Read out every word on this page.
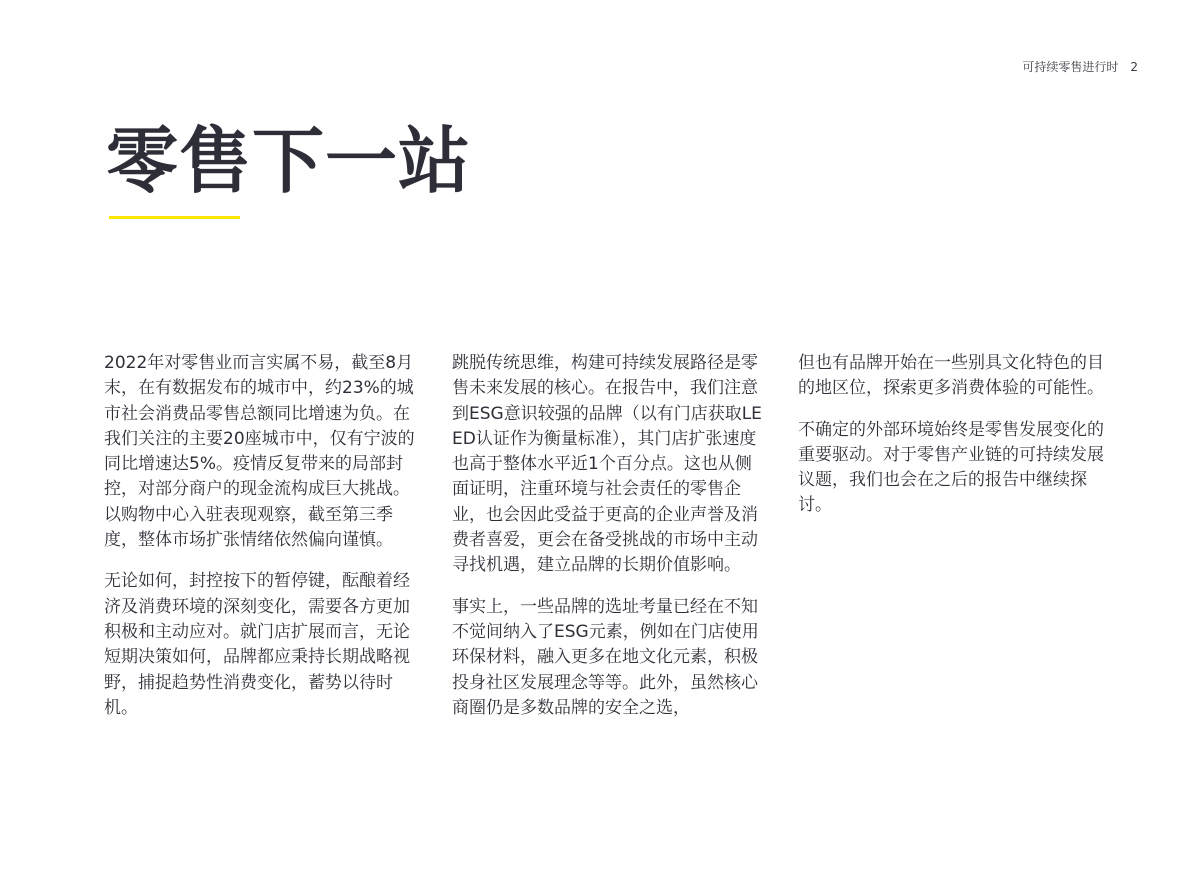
可持续零售进行时 2
零售下一站

2022年对零售业而言实属不易，截至8月末，在有数据发布的城市中，约23%的城市社会消费品零售总额同比增速为负。在我们关注的主要20座城市中，仅有宁波的同比增速达5%。疫情反复带来的局部封控，对部分商户的现金流构成巨大挑战。以购物中心入驻表现观察，截至第三季度，整体市场扩张情绪依然偏向谨慎。

无论如何，封控按下的暂停键，酝酿着经济及消费环境的深刻变化，需要各方更加积极和主动应对。就门店扩展而言，无论短期决策如何，品牌都应秉持长期战略视野，捕捉趋势性消费变化，蓄势以待时机。

跳脱传统思维，构建可持续发展路径是零售未来发展的核心。在报告中，我们注意到ESG意识较强的品牌（以有门店获取LEED认证作为衡量标准），其门店扩张速度也高于整体水平近1个百分点。这也从侧面证明，注重环境与社会责任的零售企业，也会因此受益于更高的企业声誉及消费者喜爱，更会在备受挑战的市场中主动寻找机遇，建立品牌的长期价值影响。

事实上，一些品牌的选址考量已经在不知不觉间纳入了ESG元素，例如在门店使用环保材料，融入更多在地文化元素，积极投身社区发展理念等等。此外，虽然核心商圈仍是多数品牌的安全之选，

但也有品牌开始在一些别具文化特色的目的地区位，探索更多消费体验的可能性。

不确定的外部环境始终是零售发展变化的重要驱动。对于零售产业链的可持续发展议题，我们也会在之后的报告中继续探讨。
